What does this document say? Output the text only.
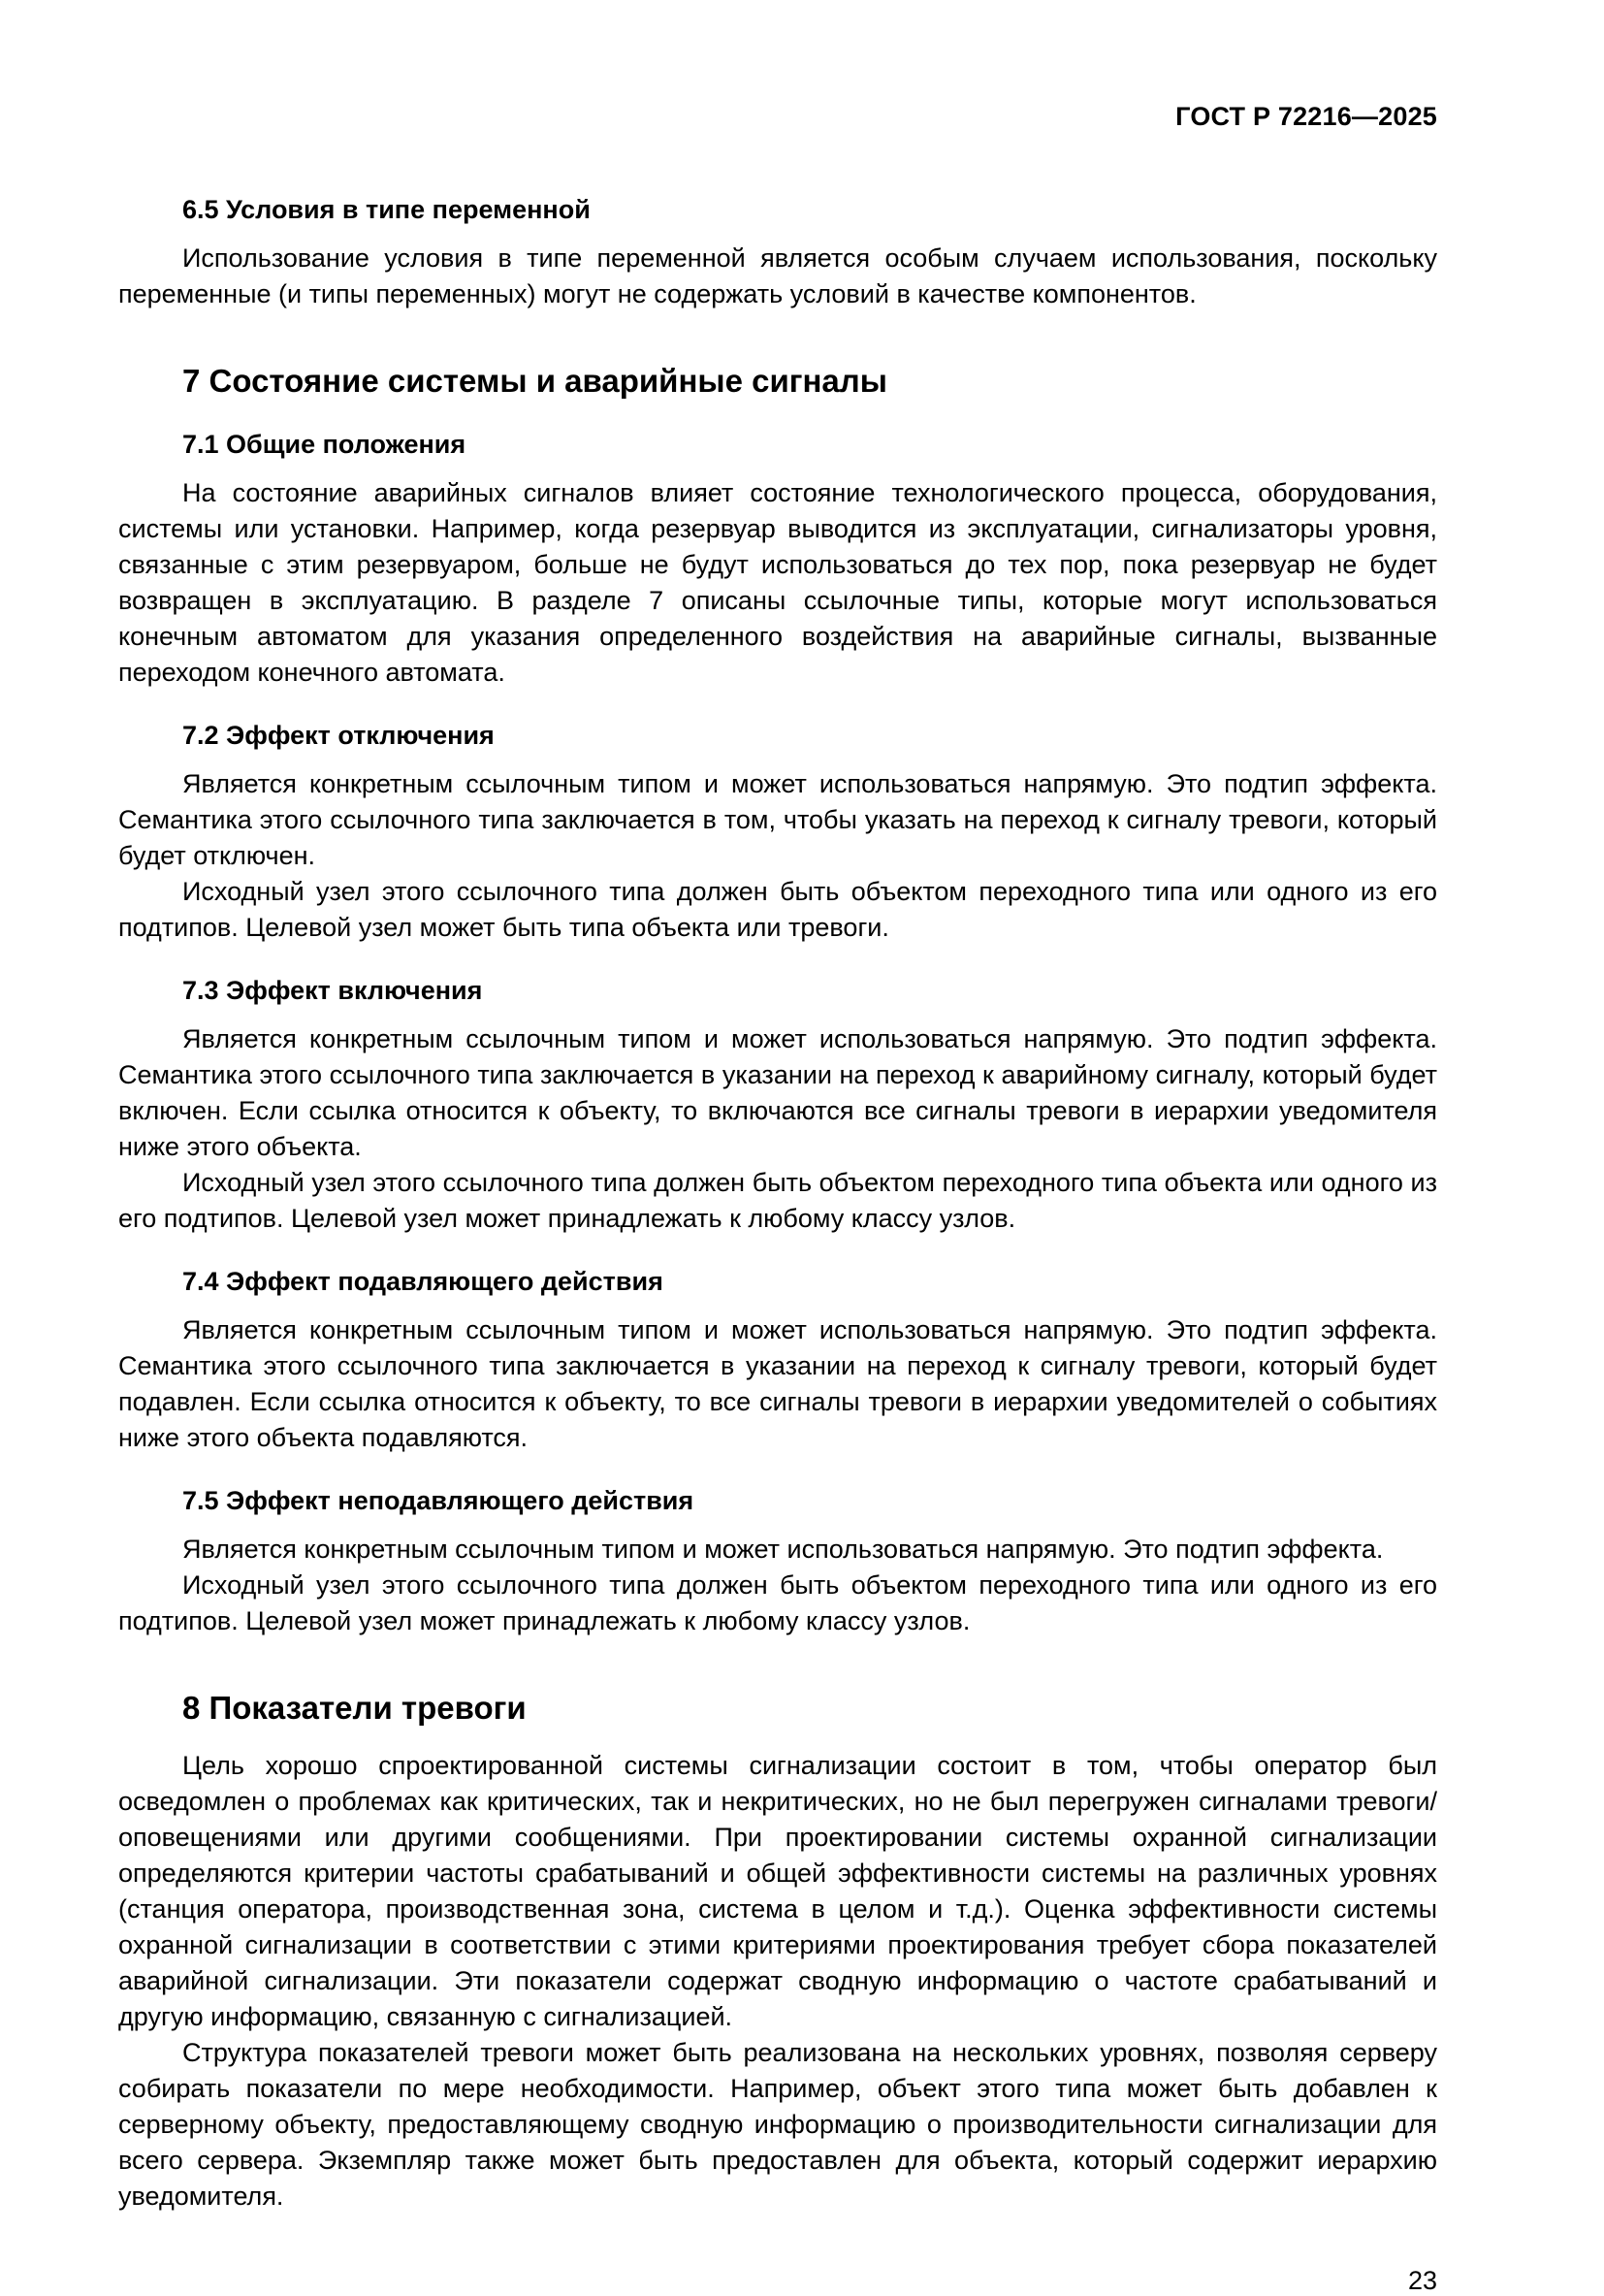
ГОСТ Р 72216—2025

6.5 Условия в типе переменной

Использование условия в типе переменной является особым случаем использования, поскольку переменные (и типы переменных) могут не содержать условий в качестве компонентов.

7 Состояние системы и аварийные сигналы
7.1 Общие положения

На состояние аварийных сигналов влияет состояние технологического процесса, оборудования, системы или установки. Например, когда резервуар выводится из эксплуатации, сигнализаторы уровня, связанные с этим резервуаром, больше не будут использоваться до тех пор, пока резервуар не будет возвращен в эксплуатацию. В разделе 7 описаны ссылочные типы, которые могут использоваться конечным автоматом для указания определенного воздействия на аварийные сигналы, вызванные переходом конечного автомата.

7.2 Эффект отключения

Является конкретным ссылочным типом и может использоваться напрямую. Это подтип эффекта. Семантика этого ссылочного типа заключается в том, чтобы указать на переход к сигналу тревоги, который будет отключен.

Исходный узел этого ссылочного типа должен быть объектом переходного типа или одного из его подтипов. Целевой узел может быть типа объекта или тревоги.

7.3 Эффект включения

Является конкретным ссылочным типом и может использоваться напрямую. Это подтип эффекта. Семантика этого ссылочного типа заключается в указании на переход к аварийному сигналу, который будет включен. Если ссылка относится к объекту, то включаются все сигналы тревоги в иерархии уведомителя ниже этого объекта.

Исходный узел этого ссылочного типа должен быть объектом переходного типа объекта или одного из его подтипов. Целевой узел может принадлежать к любому классу узлов.

7.4 Эффект подавляющего действия

Является конкретным ссылочным типом и может использоваться напрямую. Это подтип эффекта. Семантика этого ссылочного типа заключается в указании на переход к сигналу тревоги, который будет подавлен. Если ссылка относится к объекту, то все сигналы тревоги в иерархии уведомителей о событиях ниже этого объекта подавляются.

7.5 Эффект неподавляющего действия

Является конкретным ссылочным типом и может использоваться напрямую. Это подтип эффекта.

Исходный узел этого ссылочного типа должен быть объектом переходного типа или одного из его подтипов. Целевой узел может принадлежать к любому классу узлов.

8 Показатели тревоги

Цель хорошо спроектированной системы сигнализации состоит в том, чтобы оператор был осведомлен о проблемах как критических, так и некритических, но не был перегружен сигналами тревоги/оповещениями или другими сообщениями. При проектировании системы охранной сигнализации определяются критерии частоты срабатываний и общей эффективности системы на различных уровнях (станция оператора, производственная зона, система в целом и т.д.). Оценка эффективности системы охранной сигнализации в соответствии с этими критериями проектирования требует сбора показателей аварийной сигнализации. Эти показатели содержат сводную информацию о частоте срабатываний и другую информацию, связанную с сигнализацией.

Структура показателей тревоги может быть реализована на нескольких уровнях, позволяя серверу собирать показатели по мере необходимости. Например, объект этого типа может быть добавлен к серверному объекту, предоставляющему сводную информацию о производительности сигнализации для всего сервера. Экземпляр также может быть предоставлен для объекта, который содержит иерархию уведомителя.

23
